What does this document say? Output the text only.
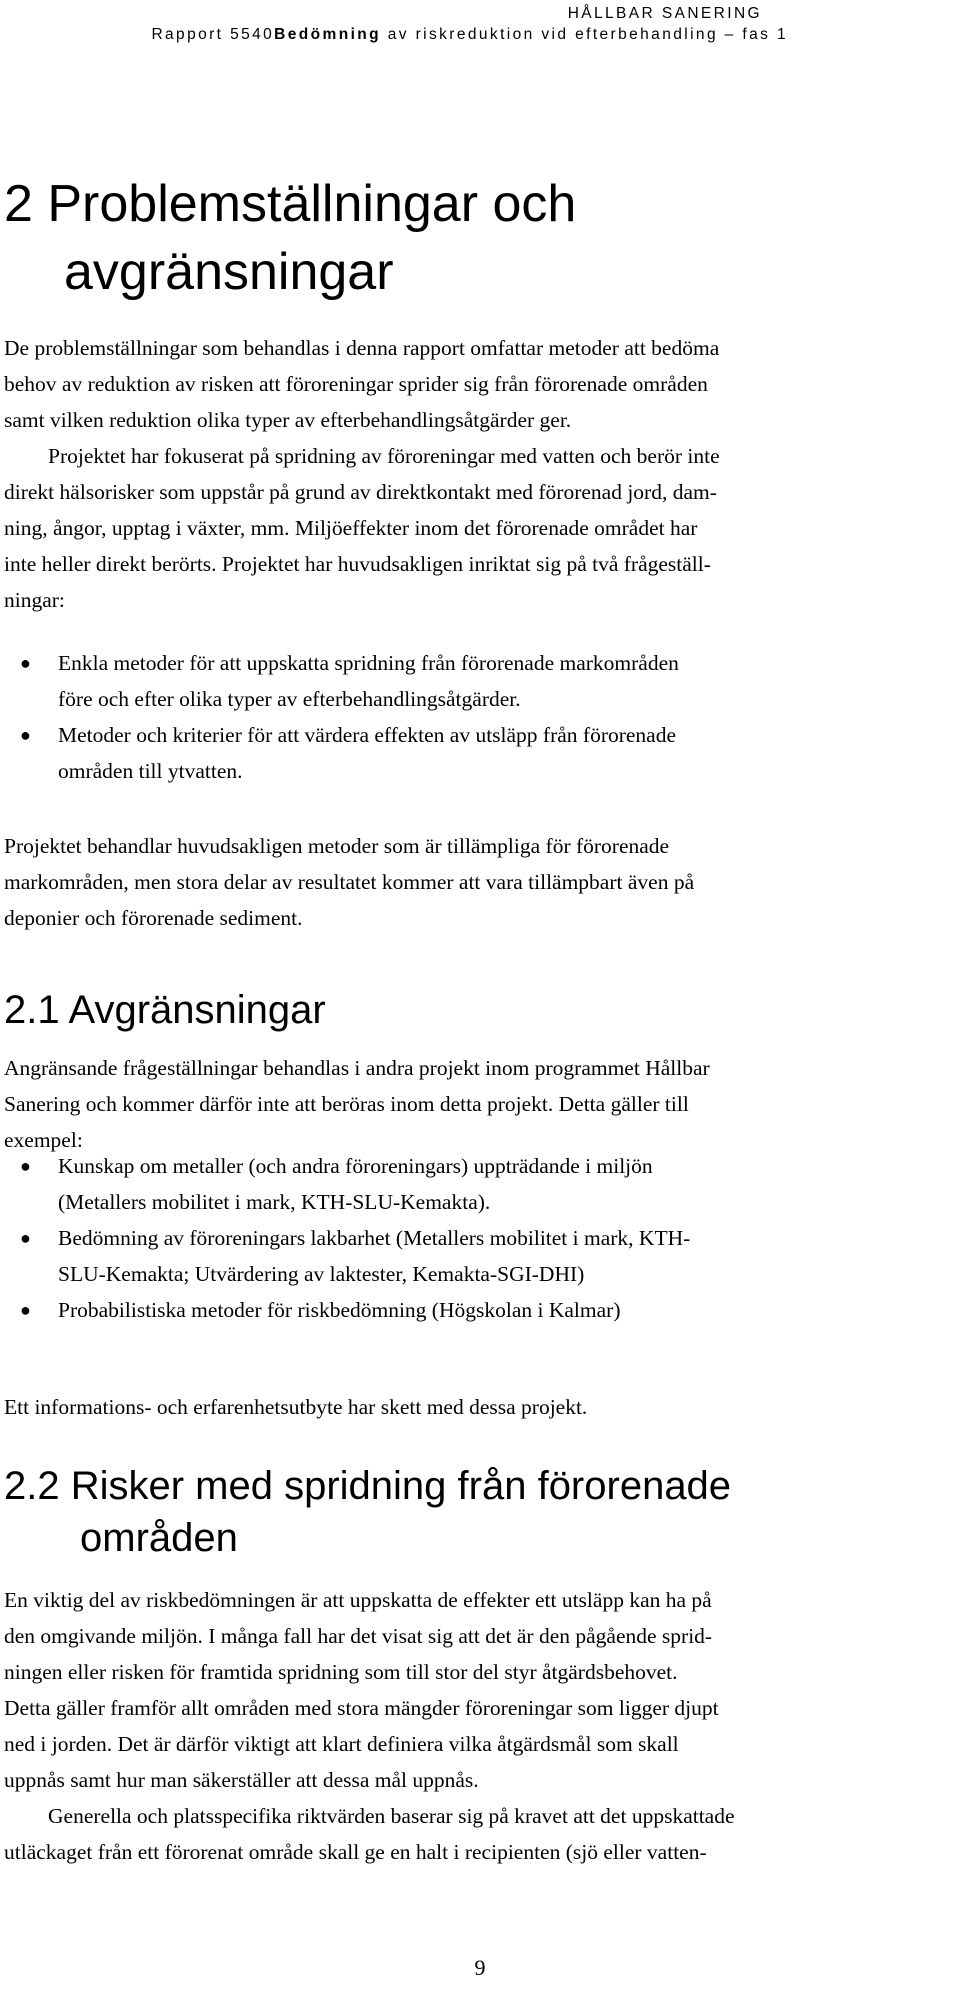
HÅLLBAR SANERING
Rapport 5540Bedömning av riskreduktion vid efterbehandling – fas 1
2 Problemställningar och
avgränsningar
De problemställningar som behandlas i denna rapport omfattar metoder att bedöma
behov av reduktion av risken att föroreningar sprider sig från förorenade områden
samt vilken reduktion olika typer av efterbehandlingsåtgärder ger.
Projektet har fokuserat på spridning av föroreningar med vatten och berör inte
direkt hälsorisker som uppstår på grund av direktkontakt med förorenad jord, dam-
ning, ångor, upptag i växter, mm. Miljöeffekter inom det förorenade området har
inte heller direkt berörts. Projektet har huvudsakligen inriktat sig på två frågeställ-
ningar:
● Enkla metoder för att uppskatta spridning från förorenade markområden
före och efter olika typer av efterbehandlingsåtgärder.
● Metoder och kriterier för att värdera effekten av utsläpp från förorenade
områden till ytvatten.
Projektet behandlar huvudsakligen metoder som är tillämpliga för förorenade
markområden, men stora delar av resultatet kommer att vara tillämpbart även på
deponier och förorenade sediment.
2.1 Avgränsningar
Angränsande frågeställningar behandlas i andra projekt inom programmet Hållbar
Sanering och kommer därför inte att beröras inom detta projekt. Detta gäller till
exempel:
● Kunskap om metaller (och andra föroreningars) uppträdande i miljön
(Metallers mobilitet i mark, KTH-SLU-Kemakta).
● Bedömning av föroreningars lakbarhet (Metallers mobilitet i mark, KTH-
SLU-Kemakta; Utvärdering av laktester, Kemakta-SGI-DHI)
● Probabilistiska metoder för riskbedömning (Högskolan i Kalmar)
Ett informations- och erfarenhetsutbyte har skett med dessa projekt.
2.2 Risker med spridning från förorenade
områden
En viktig del av riskbedömningen är att uppskatta de effekter ett utsläpp kan ha på
den omgivande miljön. I många fall har det visat sig att det är den pågående sprid-
ningen eller risken för framtida spridning som till stor del styr åtgärdsbehovet.
Detta gäller framför allt områden med stora mängder föroreningar som ligger djupt
ned i jorden. Det är därför viktigt att klart definiera vilka åtgärdsmål som skall
uppnås samt hur man säkerställer att dessa mål uppnås.
Generella och platsspecifika riktvärden baserar sig på kravet att det uppskattade
utläckaget från ett förorenat område skall ge en halt i recipienten (sjö eller vatten-
9
